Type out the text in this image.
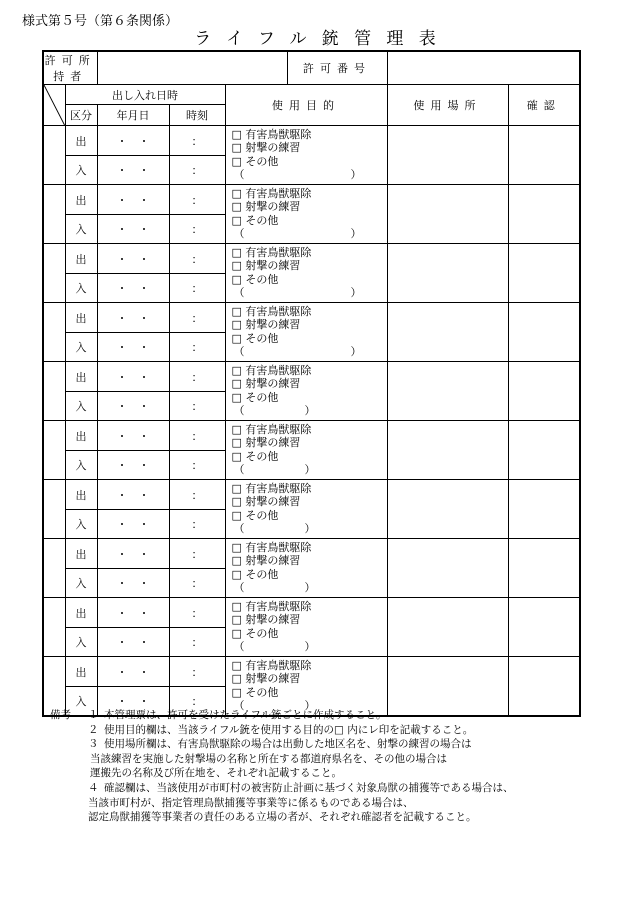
様式第５号（第６条関係）
ライフル銃管理表
許可所持者					許可番号		

	出し入れ日時			使用目的		使用場所	確認
	区分	年月日	時刻				
	出	・　・	：	□ 有害鳥獣駆除
□ 射撃の練習
□ その他
（ ）			

	入	・　・	：				
	出	・　・	：	□ 有害鳥獣駆除
□ 射撃の練習
□ その他
（ ）			

	入	・　・	：				
	出	・　・	：	□ 有害鳥獣駆除
□ 射撃の練習
□ その他
（ ）			

	入	・　・	：				
	出	・　・	：	□ 有害鳥獣駆除
□ 射撃の練習
□ その他
（ ）			

	入	・　・	：				
	出	・　・	：	□ 有害鳥獣駆除
□ 射撃の練習
□ その他
（ ）			

	入	・　・	：				
	出	・　・	：	□ 有害鳥獣駆除
□ 射撃の練習
□ その他
（ ）			

	入	・　・	：				
	出	・　・	：	□ 有害鳥獣駆除
□ 射撃の練習
□ その他
（ ）			

	入	・　・	：				
	出	・　・	：	□ 有害鳥獣駆除
□ 射撃の練習
□ その他
（ ）			

	入	・　・	：				
	出	・　・	：	□ 有害鳥獣駆除
□ 射撃の練習
□ その他
（ ）			

	入	・　・	：				
	出	・　・	：	□ 有害鳥獣駆除
□ 射撃の練習
□ その他
（ ）			

	入	・　・	：				
備考	１ 本管理票は、許可を受けたライフル銃ごとに作成すること。
２ 使用目的欄は、当該ライフル銃を使用する目的の□ 内にレ印を記載すること。
３ 使用場所欄は、有害鳥獣駆除の場合は出動した地区名を、射撃の練習の場合は
当該練習を実施した射撃場の名称と所在する都道府県名を、その他の場合は
運搬先の名称及び所在地を、それぞれ記載すること。
４ 確認欄は、当該使用が市町村の被害防止計画に基づく対象鳥獣の捕獲等である場合は、
当該市町村が、指定管理鳥獣捕獲等事業等に係るものである場合は、
認定鳥獣捕獲等事業者の責任のある立場の者が、それぞれ確認者を記載すること。
